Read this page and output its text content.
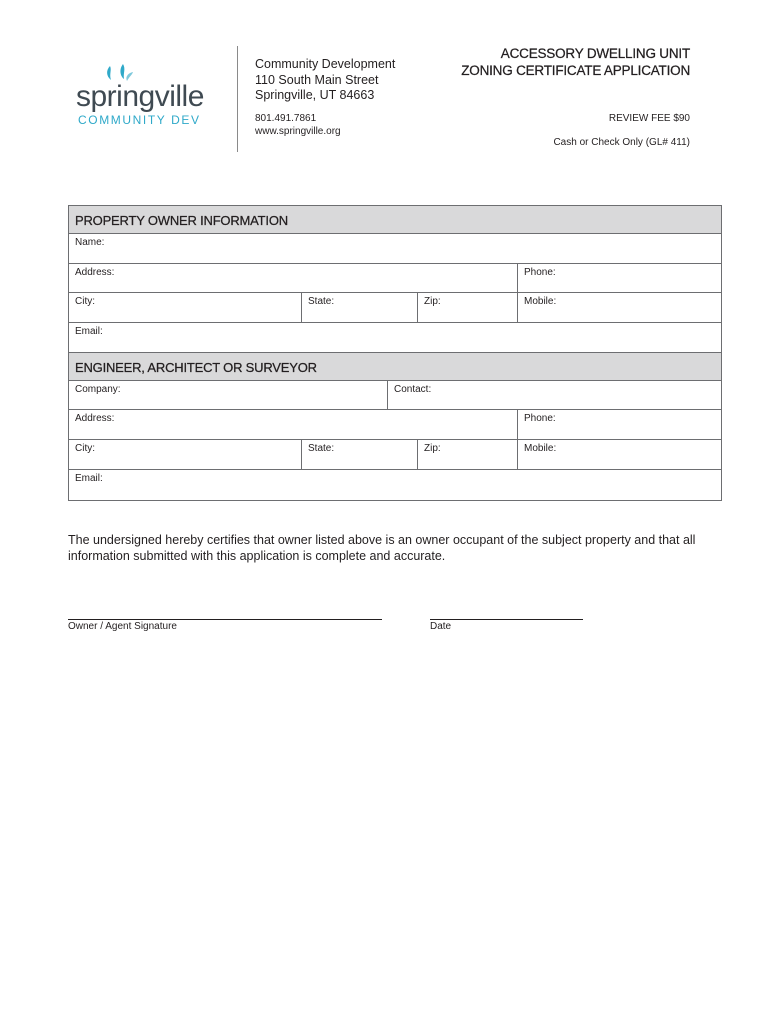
springville
COMMUNITY DEV
Community Development
110 South Main Street
Springville, UT 84663
801.491.7861
www.springville.org
ACCESSORY DWELLING UNIT
ZONING CERTIFICATE APPLICATION
REVIEW FEE $90
Cash or Check Only (GL# 411)
PROPERTY OWNER INFORMATION
Name:
Address:	Phone:
City:	State:	Zip:	Mobile:
Email:
ENGINEER, ARCHITECT OR SURVEYOR
Company:	Contact:
Address:	Phone:
City:	State:	Zip:	Mobile:
Email:
The undersigned hereby certifies that owner listed above is an owner occupant of the subject property and that all information submitted with this application is complete and accurate.
Owner / Agent Signature	Date
